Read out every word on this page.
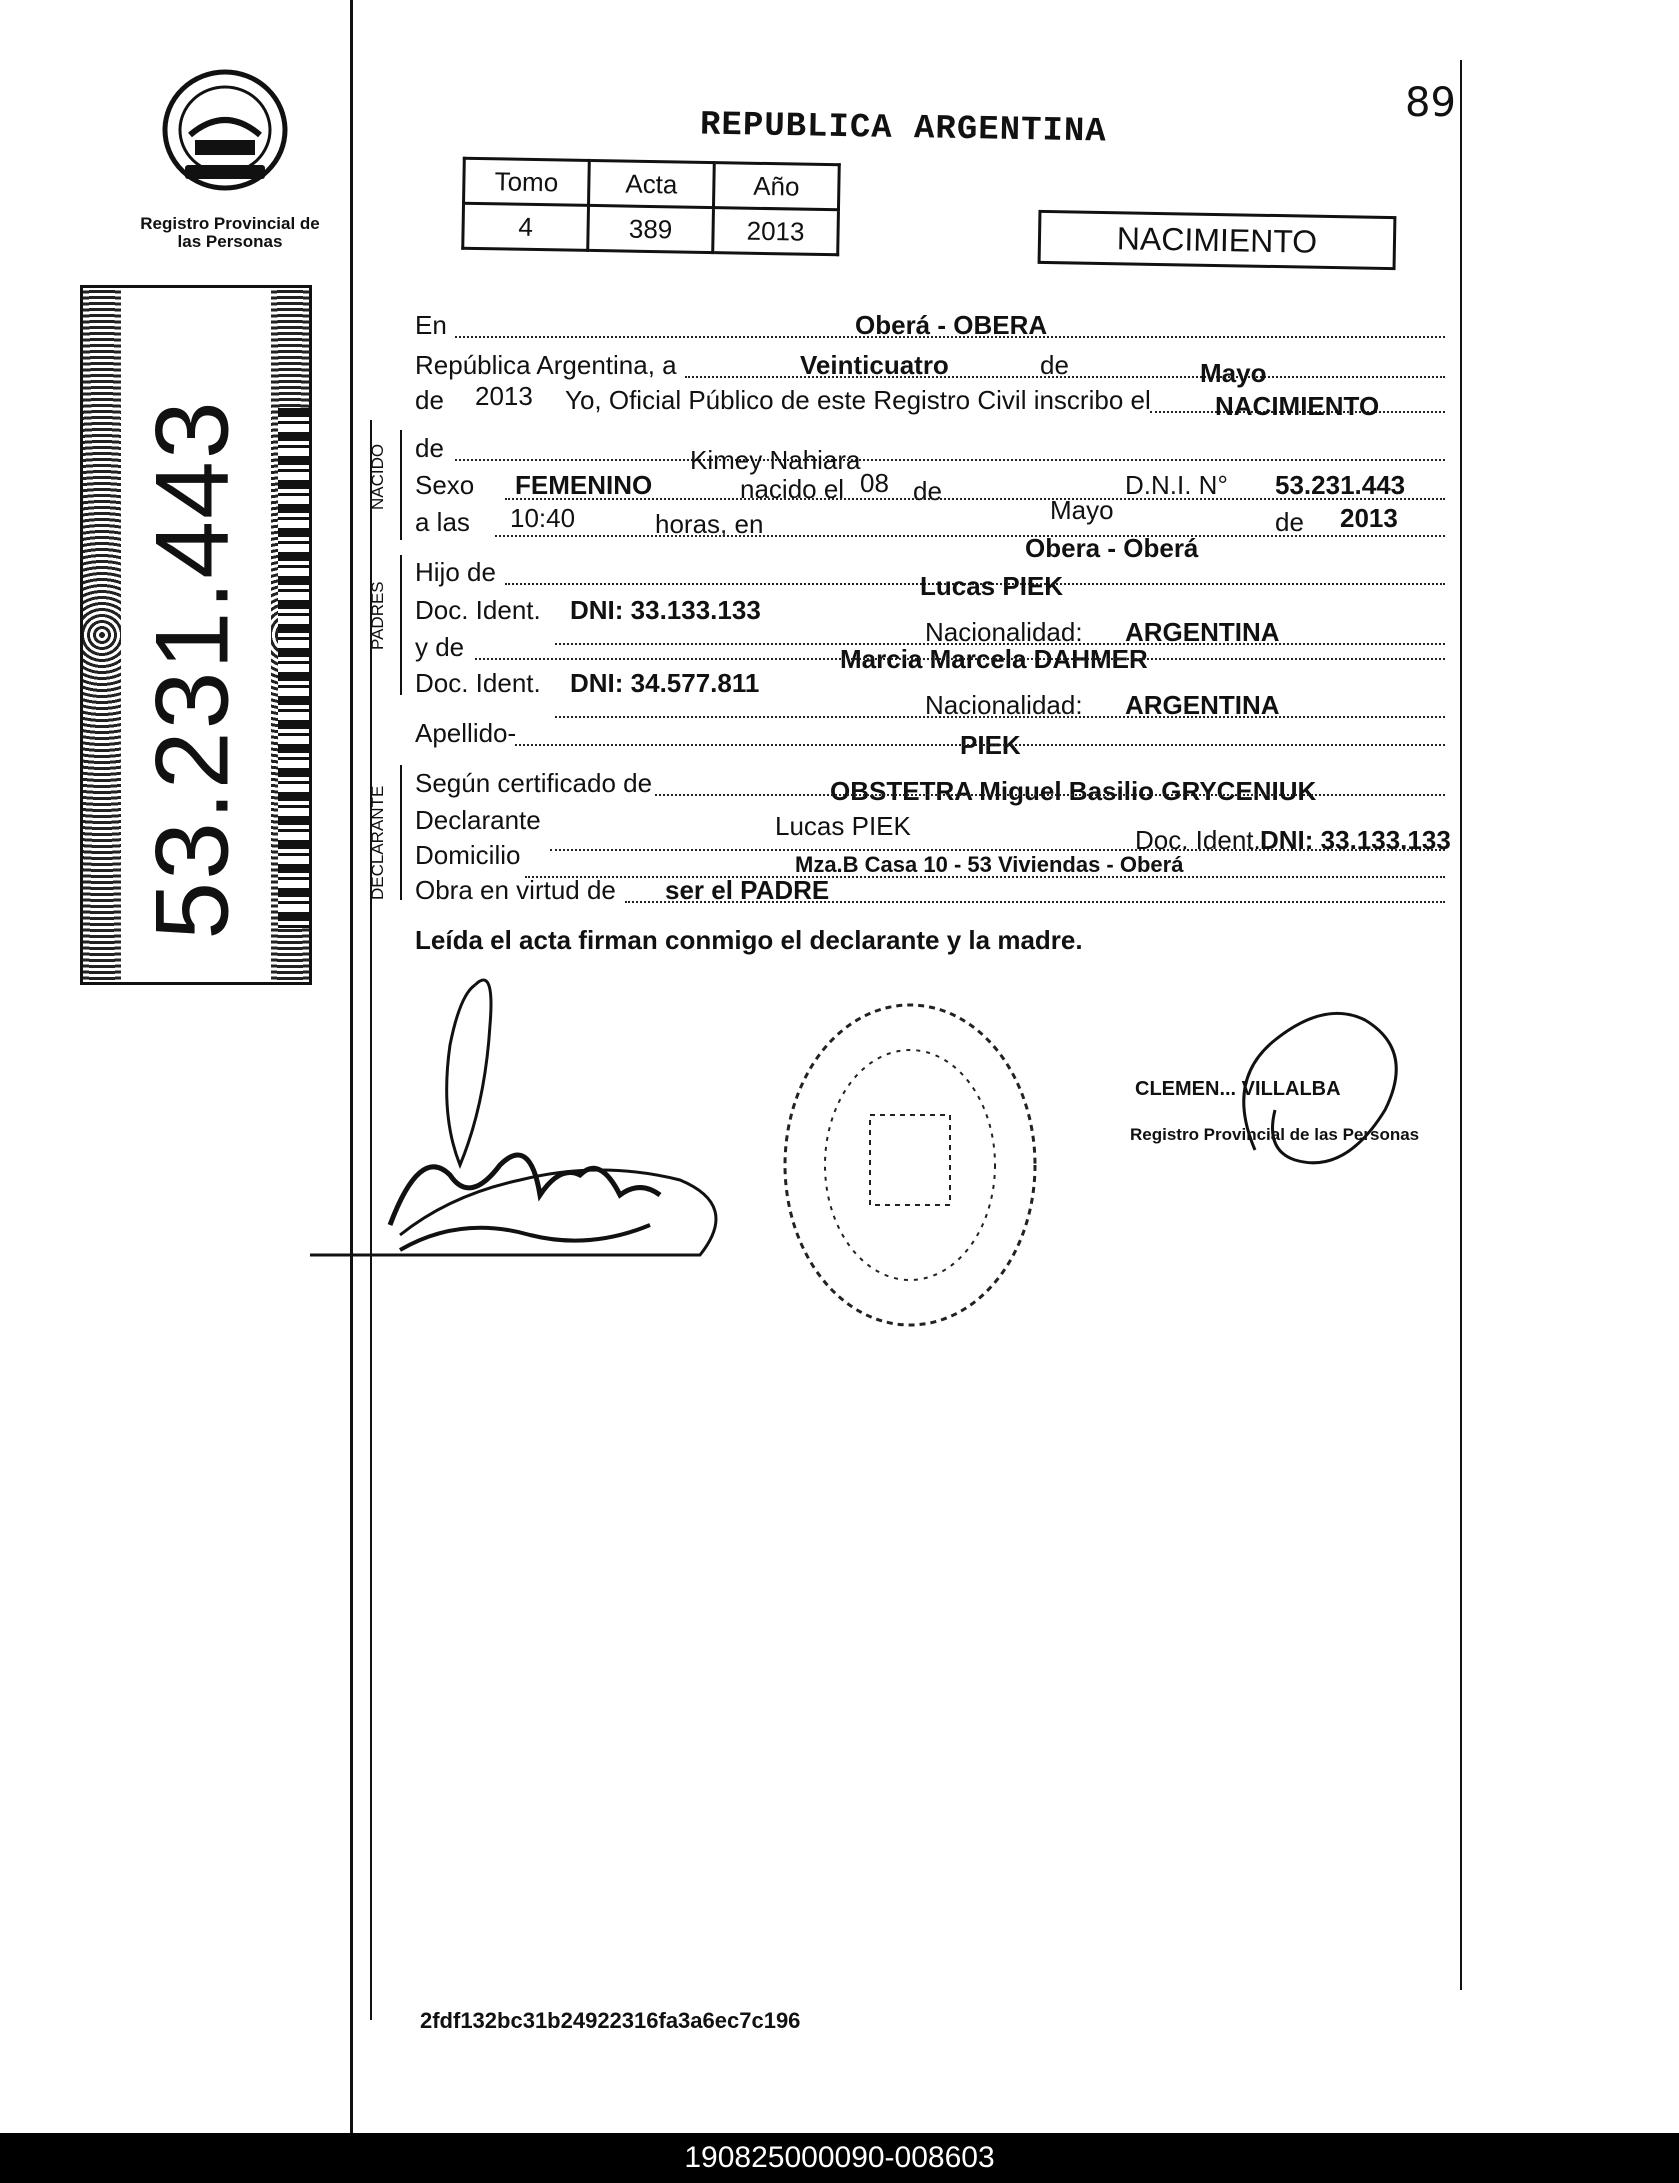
Registro Provincial de las Personas
53.231.443
89
REPUBLICA ARGENTINA
Tomo	Acta	Año
4	389	2013	NACIMIENTO
En	Oberá - OBERA
República Argentina, a	Veinticuatro	de	Mayo
de 2013 Yo, Oficial Público de este Registro Civil inscribo el NACIMIENTO
NACIDO de	Kimey Nahiara
Sexo FEMENINO	nacido el 08 de	D.N.I. N° 53.231.443
a las 10:40	horas, en	Mayo
Obera - Oberá
de 2013
PADRES
Hijo de	Lucas PIEK
Doc. Ident. DNI: 33.133.133
Nacionalidad: ARGENTINA
y de	Marcia Marcela DAHMER
Doc. Ident. DNI: 34.577.811
Nacionalidad: ARGENTINA
Apellido-	PIEK
DECLARANTE
Según certificado de	OBSTETRA Miguel Basilio GRYCENIUK
Declarante	Lucas PIEK	Doc. Ident. DNI: 33.133.133
Domicilio	Mza.B Casa 10 - 53 Viviendas - Oberá
Obra en virtud de ser el PADRE
Leída el acta firman conmigo el declarante y la madre.
CLEMEN... VILLALBA
Registro Provincial de las Personas
2fdf132bc31b24922316fa3a6ec7c196
190825000090-008603
